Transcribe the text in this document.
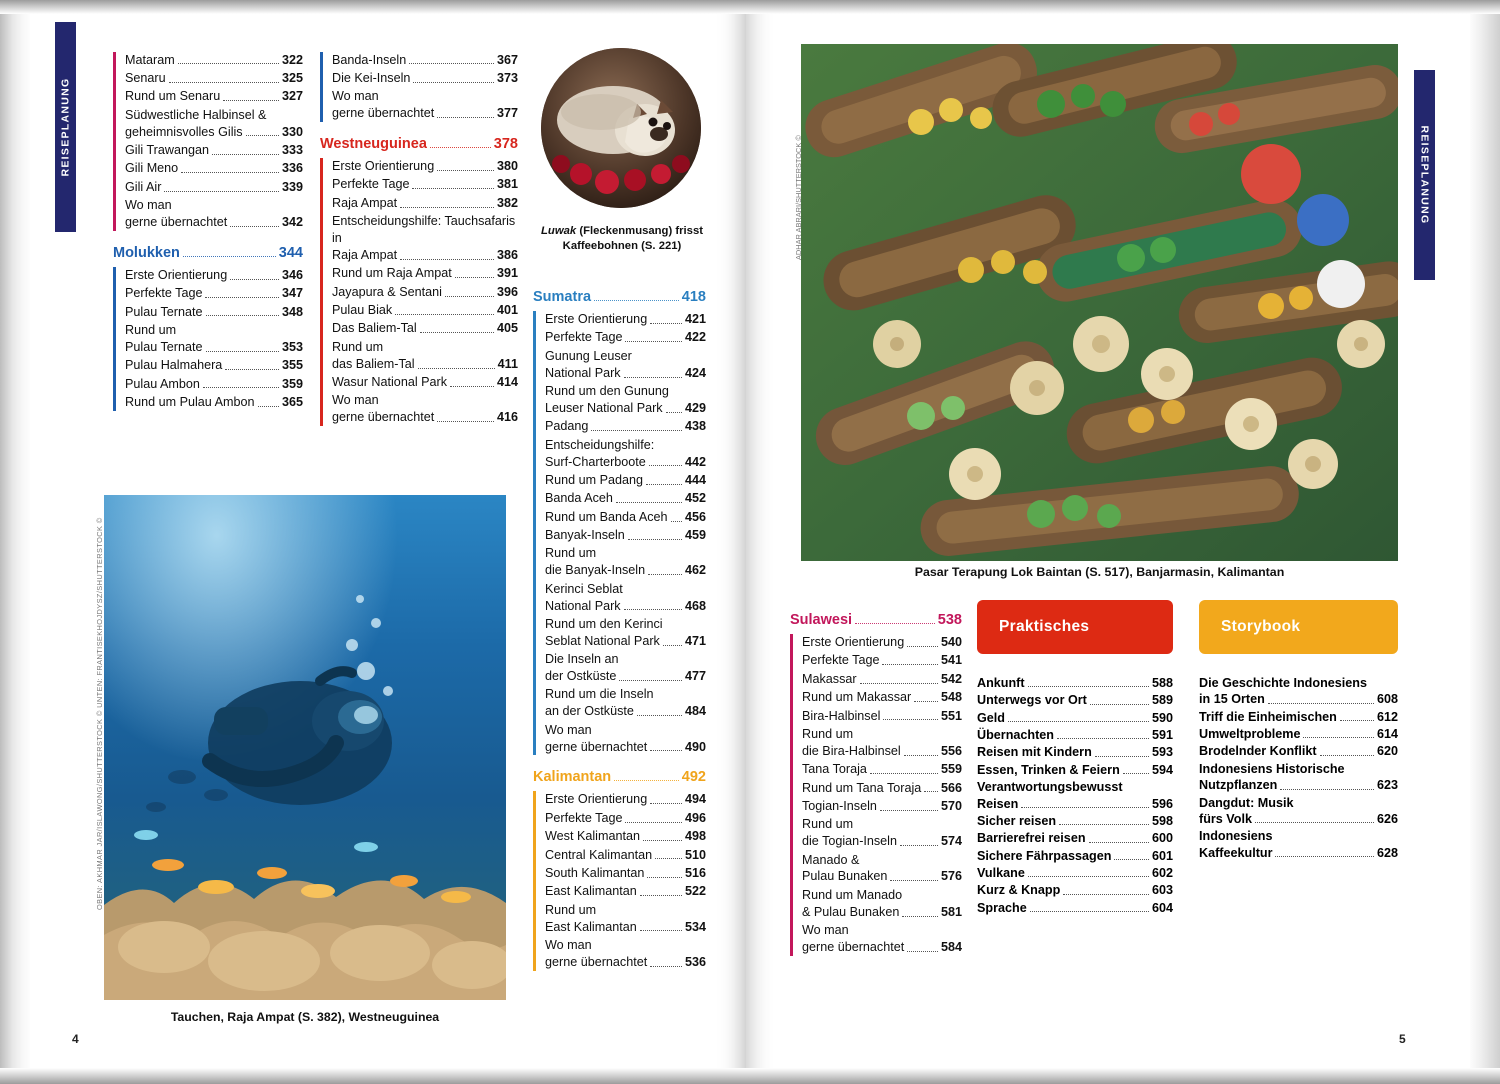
REISEPLANUNG	REISEPLANUNG
4	5
Mataram	322
Senaru	325
Rund um Senaru	327
Südwestliche Halbinsel &
geheimnisvolles Gilis	330
Gili Trawangan	333
Gili Meno	336
Gili Air	339
Wo man
gerne übernachtet	342
Molukken	344
Erste Orientierung	346
Perfekte Tage	347
Pulau Ternate	348
Rund um
Pulau Ternate	353
Pulau Halmahera	355
Pulau Ambon	359
Rund um Pulau Ambon 365
Banda-Inseln	367
Die Kei-Inseln	373
Wo man
gerne übernachtet	377
Westneuguinea	378
Erste Orientierung	380
Perfekte Tage	381
Raja Ampat	382
Entscheidungshilfe: Tauchsafaris in
Raja Ampat	386
Rund um Raja Ampat	391
Jayapura & Sentani	396
Pulau Biak	401
Das Baliem-Tal	405
Rund um
das Baliem-Tal	411
Wasur National Park	414
Wo man
gerne übernachtet	416
Sumatra	418
Erste Orientierung	421
Perfekte Tage	422
Gunung Leuser
National Park	424
Rund um den Gunung
Leuser National Park 429
Padang	438
Entscheidungshilfe:
Surf-Charterboote	442
Rund um Padang	444
Banda Aceh	452
Rund um Banda Aceh 456
Banyak-Inseln	459
Rund um
die Banyak-Inseln	462
Kerinci Seblat
National Park	468
Rund um den Kerinci
Seblat National Park 471
Die Inseln an
der Ostküste	477
Rund um die Inseln
an der Ostküste	484
Wo man
gerne übernachtet	490
Kalimantan	492
Erste Orientierung	494
Perfekte Tage	496
West Kalimantan	498
Central Kalimantan	510
South Kalimantan	516
East Kalimantan	522
Rund um
East Kalimantan	534
Wo man
gerne übernachtet	536
Sulawesi	538
Erste Orientierung	540
Perfekte Tage	541
Makassar	542
Rund um Makassar 548
Bira-Halbinsel	551
Rund um
die Bira-Halbinsel	556
Tana Toraja	559
Rund um Tana Toraja 566
Togian-Inseln	570
Rund um
die Togian-Inseln	574
Manado &
Pulau Bunaken	576
Rund um Manado
& Pulau Bunaken	581
Wo man
gerne übernachtet	584
Luwak (Fleckenmusang) frisst Kaffeebohnen (S. 221)
Tauchen, Raja Ampat (S. 382), Westneuguinea
OBEN: AKHMAR JAR/ISLAWONG/SHUTTERSTOCK © UNTEN: FRANTISEKHOJDYSZ/SHUTTERSTOCK ©	Pasar Terapung Lok Baintan (S. 517), Banjarmasin, Kalimantan
ADHAR ABRARI/SHUTTERSTOCK ©
Praktisches
Ankunft	588
Unterwegs vor Ort	589
Geld	590
Übernachten	591
Reisen mit Kindern	593
Essen, Trinken & Feiern	594
Verantwortungsbewusst
Reisen	596
Sicher reisen	598
Barrierefrei reisen	600
Sichere Fährpassagen	601
Vulkane	602
Kurz & Knapp	603
Sprache	604
Storybook
Die Geschichte Indonesiens
in 15 Orten	608
Triff die Einheimischen	612
Umweltprobleme	614
Brodelnder Konflikt	620
Indonesiens Historische
Nutzpflanzen	623
Dangdut: Musik
fürs Volk	626
Indonesiens
Kaffeekultur	628
